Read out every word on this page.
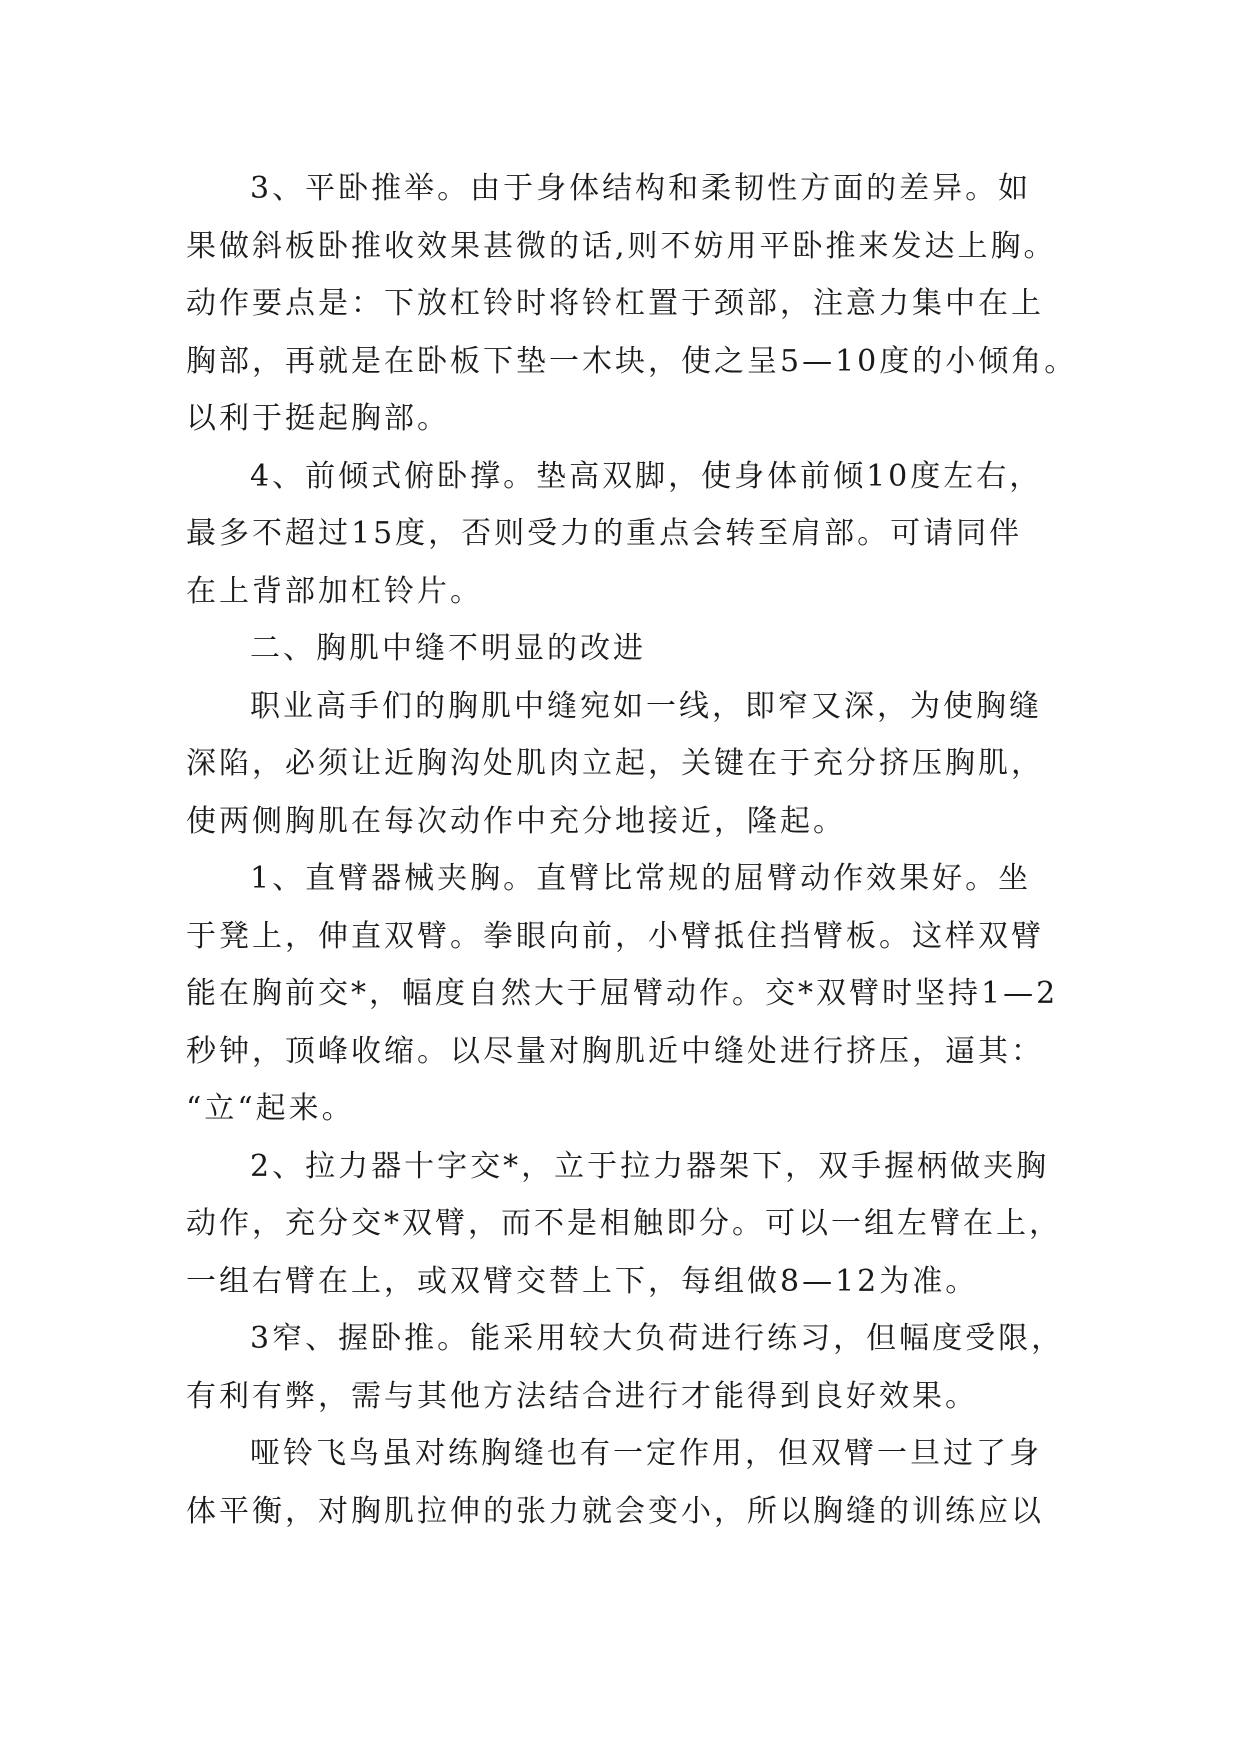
3、平卧推举。由于身体结构和柔韧性方面的差异。如
果做斜板卧推收效果甚微的话,则不妨用平卧推来发达上胸。
动作要点是：下放杠铃时将铃杠置于颈部，注意力集中在上
胸部，再就是在卧板下垫一木块，使之呈5—10度的小倾角。
以利于挺起胸部。
4、前倾式俯卧撑。垫高双脚，使身体前倾10度左右，
最多不超过15度，否则受力的重点会转至肩部。可请同伴
在上背部加杠铃片。
二、胸肌中缝不明显的改进
职业高手们的胸肌中缝宛如一线，即窄又深，为使胸缝
深陷，必须让近胸沟处肌肉立起，关键在于充分挤压胸肌，
使两侧胸肌在每次动作中充分地接近，隆起。
1、直臂器械夹胸。直臂比常规的屈臂动作效果好。坐
于凳上，伸直双臂。拳眼向前，小臂抵住挡臂板。这样双臂
能在胸前交*，幅度自然大于屈臂动作。交*双臂时坚持1—2
秒钟，顶峰收缩。以尽量对胸肌近中缝处进行挤压，逼其：
“立“起来。
2、拉力器十字交*，立于拉力器架下，双手握柄做夹胸
动作，充分交*双臂，而不是相触即分。可以一组左臂在上，
一组右臂在上，或双臂交替上下，每组做8—12为准。
3窄、握卧推。能采用较大负荷进行练习，但幅度受限，
有利有弊，需与其他方法结合进行才能得到良好效果。
哑铃飞鸟虽对练胸缝也有一定作用，但双臂一旦过了身
体平衡，对胸肌拉伸的张力就会变小，所以胸缝的训练应以
